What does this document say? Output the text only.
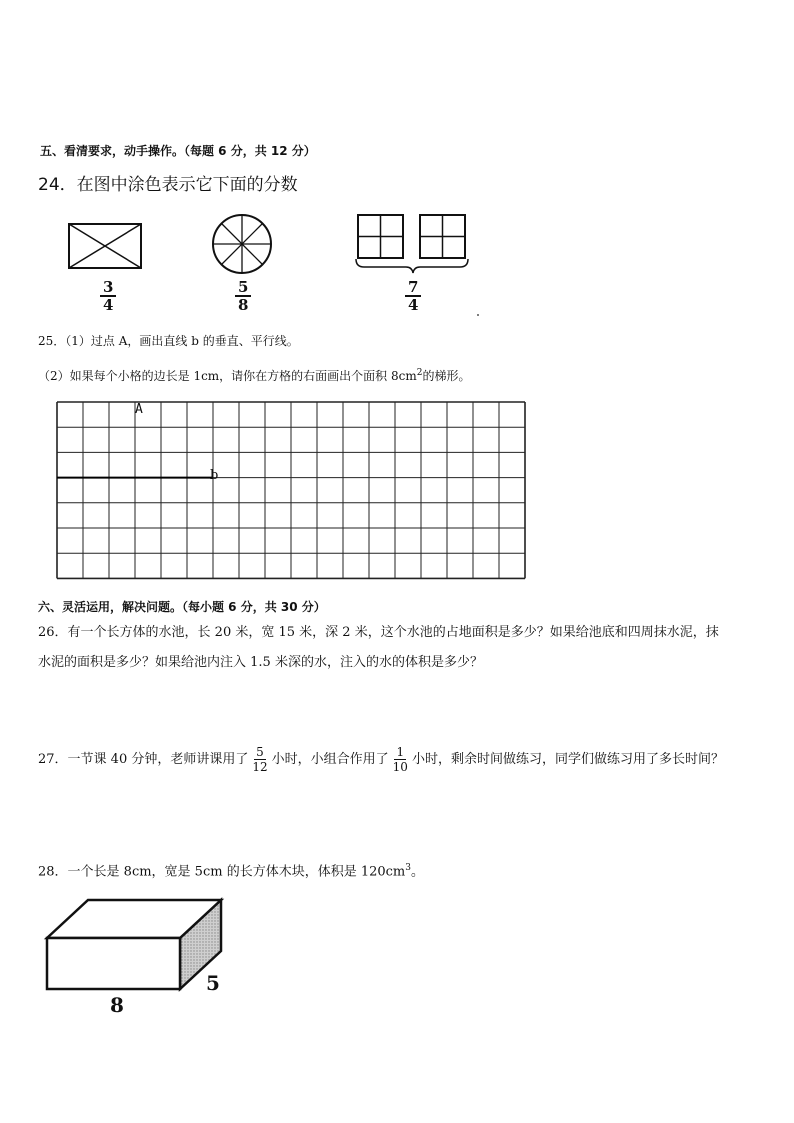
五、看清要求，动手操作。（每题 6 分，共 12 分）
24．在图中涂色表示它下面的分数
$\frac{3}{4}$	$\frac{5}{8}$	$\frac{7}{4}$
25．（1）过点 A，画出直线 b 的垂直、平行线。
（2）如果每个小格的边长是 1cm，请你在方格的右面画出个面积 $8cm^2$的梯形。
A
b
六、灵活运用，解决问题。（每小题 6 分，共 30 分）
26．有一个长方体的水池，长 20 米，宽 15 米，深 2 米，这个水池的占地面积是多少？如果给池底和四周抹水泥，抹
水泥的面积是多少？如果给池内注入 1.5 米深的水，注入的水的体积是多少？
27．一节课 40 分钟，老师讲课用了 $\frac{5}{12}$ 小时，小组合作用了 $\frac{1}{10}$ 小时，剩余时间做练习，同学们做练习用了多长时间？
28．一个长是 8cm，宽是 5cm 的长方体木块，体积是 $120cm^3$。
8
5
